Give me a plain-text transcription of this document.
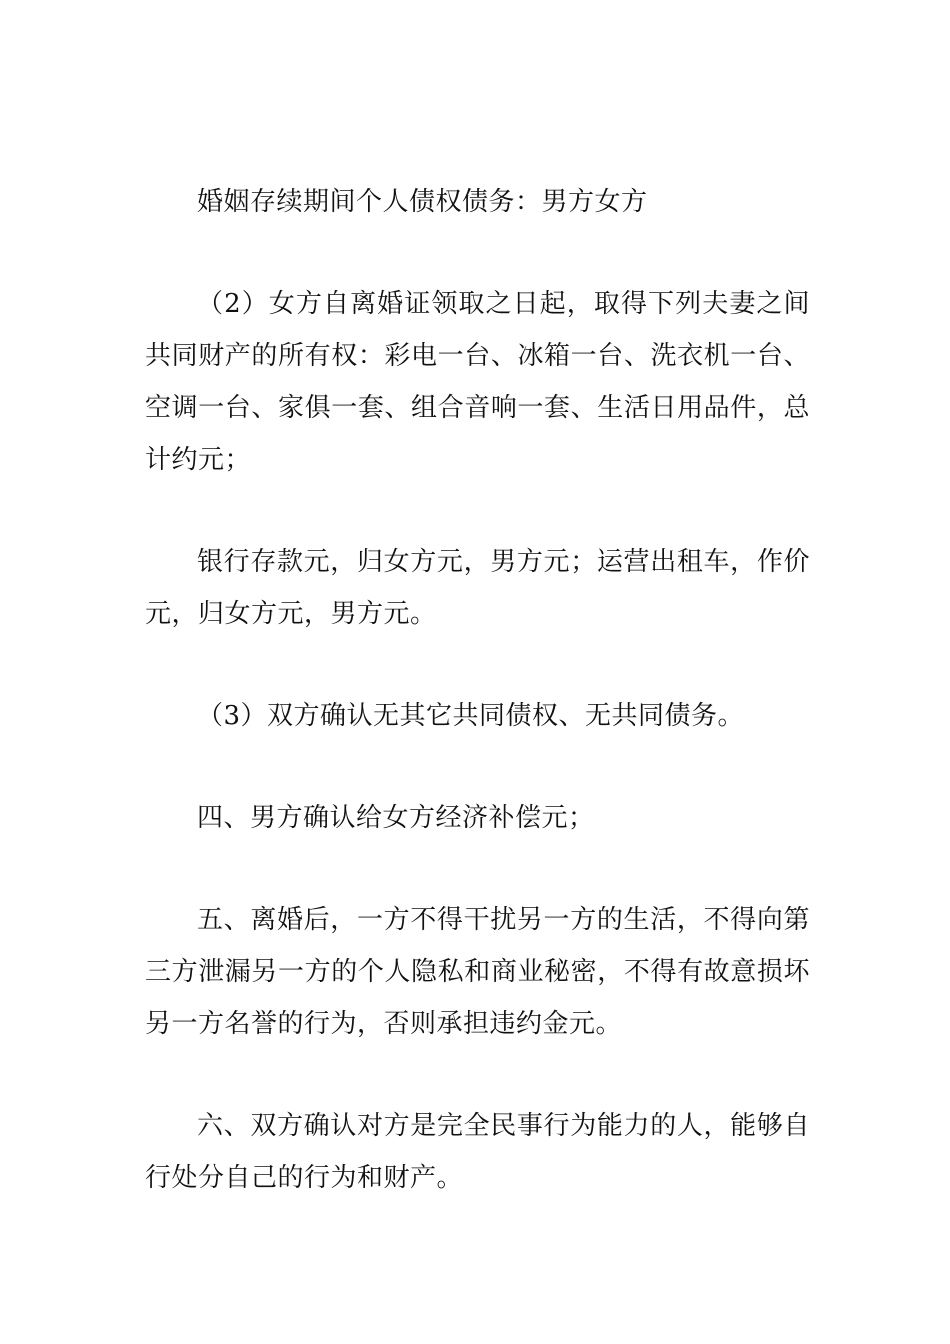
婚姻存续期间个人债权债务：男方女方

（2）女方自离婚证领取之日起，取得下列夫妻之间共同财产的所有权：彩电一台、冰箱一台、洗衣机一台、空调一台、家俱一套、组合音响一套、生活日用品件，总计约元；

银行存款元，归女方元，男方元；运营出租车，作价元，归女方元，男方元。

（3）双方确认无其它共同债权、无共同债务。

四、男方确认给女方经济补偿元；

五、离婚后，一方不得干扰另一方的生活，不得向第三方泄漏另一方的个人隐私和商业秘密，不得有故意损坏另一方名誉的行为，否则承担违约金元。

六、双方确认对方是完全民事行为能力的人，能够自行处分自己的行为和财产。
